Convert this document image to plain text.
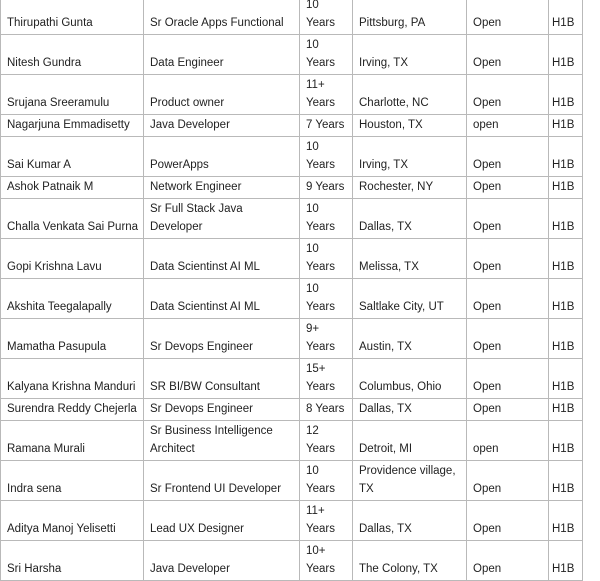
Thirupathi Gunta	Sr Oracle Apps Functional	10 Years	Pittsburg, PA	Open	H1B
Nitesh Gundra	Data Engineer	10 Years	Irving, TX	Open	H1B
Srujana Sreeramulu	Product owner	11+ Years	Charlotte, NC	Open	H1B
Nagarjuna Emmadisetty	Java Developer	7 Years	Houston, TX	open	H1B
Sai Kumar A	PowerApps	10 Years	Irving, TX	Open	H1B
Ashok Patnaik M	Network Engineer	9 Years	Rochester, NY	Open	H1B
Challa Venkata Sai Purna	Sr Full Stack Java Developer	10 Years	Dallas, TX	Open	H1B
Gopi Krishna Lavu	Data Scientinst AI ML	10 Years	Melissa, TX	Open	H1B
Akshita Teegalapally	Data Scientinst AI ML	10 Years	Saltlake City, UT	Open	H1B
Mamatha Pasupula	Sr Devops Engineer	9+ Years	Austin, TX	Open	H1B
Kalyana Krishna Manduri	SR BI/BW Consultant	15+ Years	Columbus, Ohio	Open	H1B
Surendra Reddy Chejerla	Sr Devops Engineer	8 Years	Dallas, TX	Open	H1B
Ramana Murali	Sr Business Intelligence Architect	12 Years	Detroit, MI	open	H1B
Indra sena	Sr Frontend UI Developer	10 Years	Providence village, TX	Open	H1B
Aditya Manoj Yelisetti	Lead UX Designer	11+ Years	Dallas, TX	Open	H1B
Sri Harsha	Java Developer	10+ Years	The Colony, TX	Open	H1B
